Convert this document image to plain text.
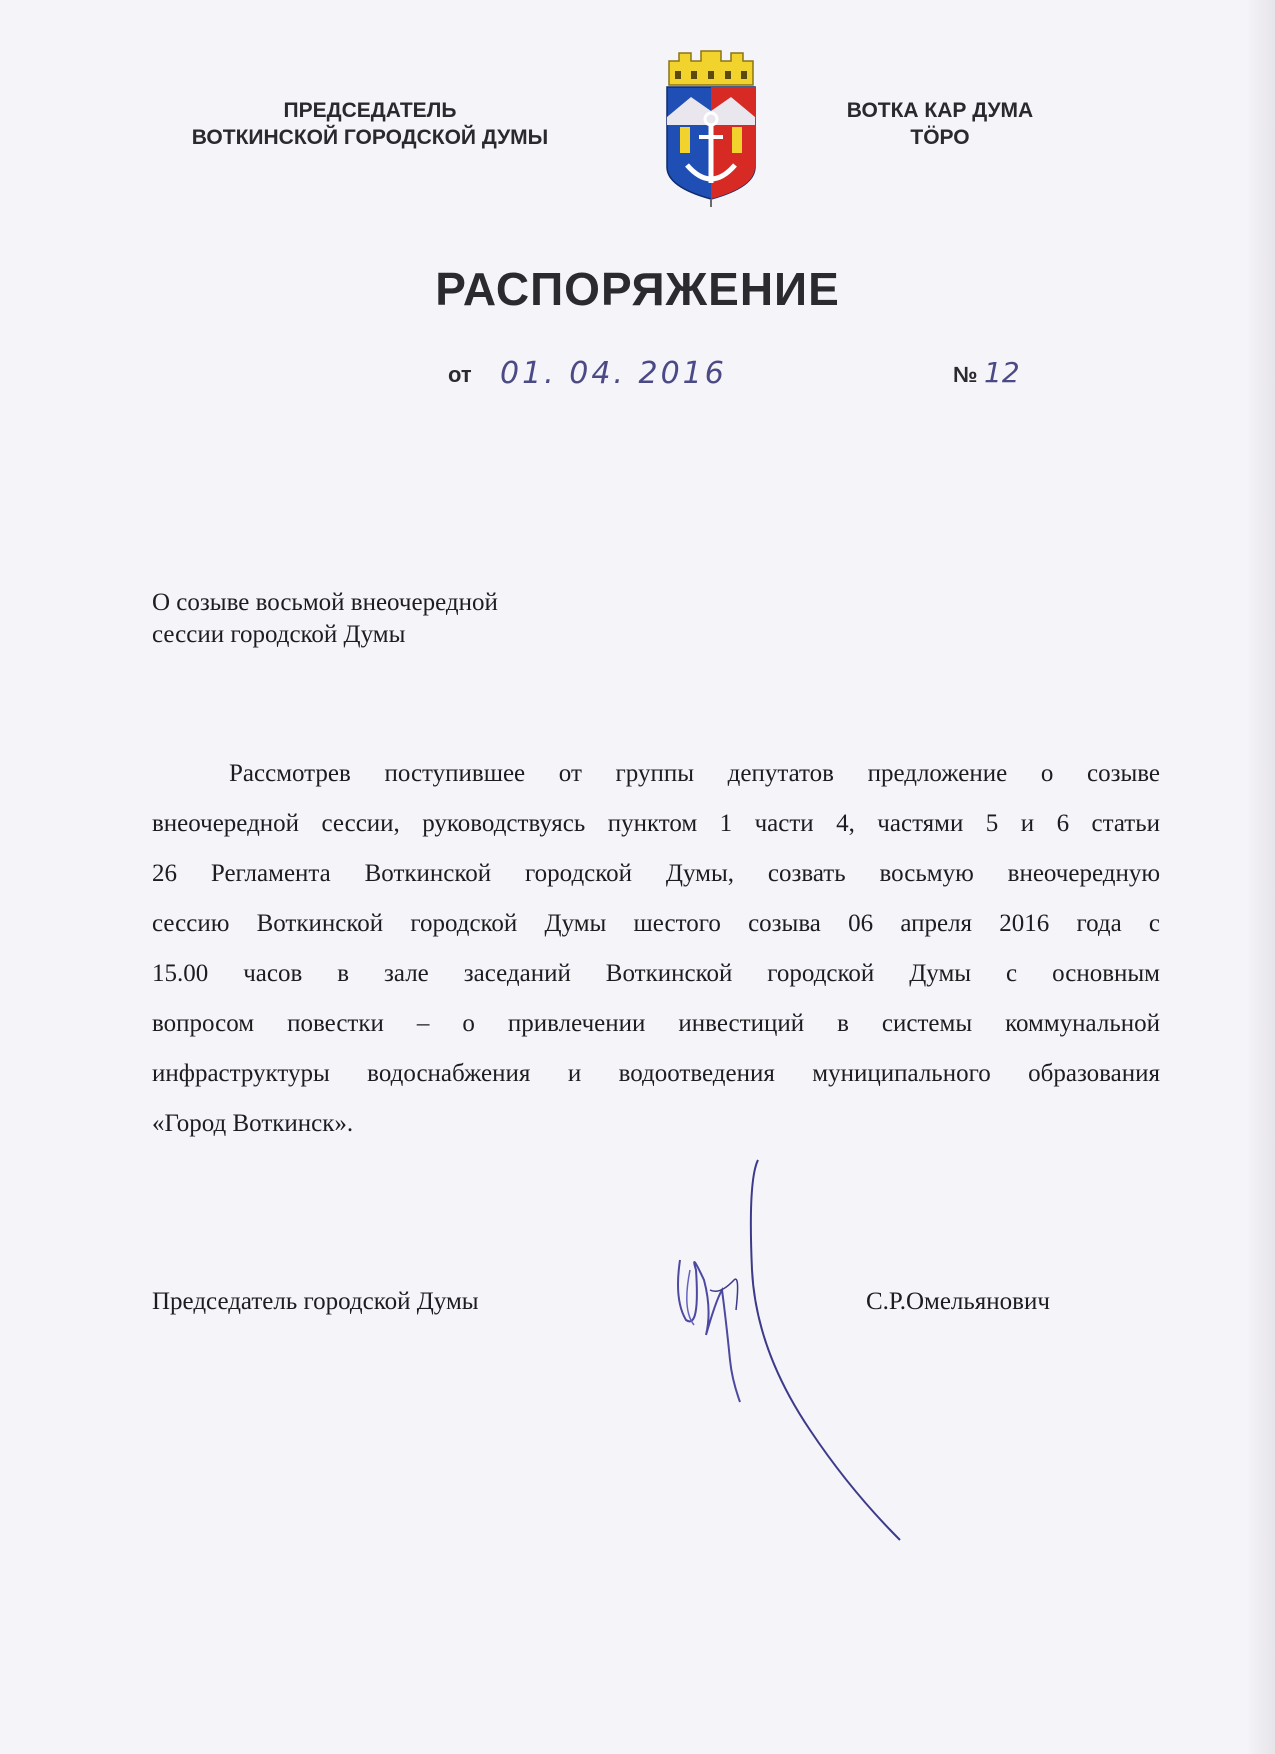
ПРЕДСЕДАТЕЛЬ
ВОТКИНСКОЙ ГОРОДСКОЙ ДУМЫ
ВОТКА КАР ДУМА
ТÖРО
РАСПОРЯЖЕНИЕ
от 01. 04. 2016	№ 12
О созыве восьмой внеочередной
сессии городской Думы
Рассмотрев поступившее от группы депутатов предложение о созыве
внеочередной сессии, руководствуясь пунктом 1 части 4, частями 5 и 6 статьи
26 Регламента Воткинской городской Думы, созвать восьмую внеочередную
сессию Воткинской городской Думы шестого созыва 06 апреля 2016 года с
15.00 часов в зале заседаний Воткинской городской Думы с основным
вопросом повестки – о привлечении инвестиций в системы коммунальной
инфраструктуры водоснабжения и водоотведения муниципального образования
«Город Воткинск».
Председатель городской Думы	С.Р.Омельянович
